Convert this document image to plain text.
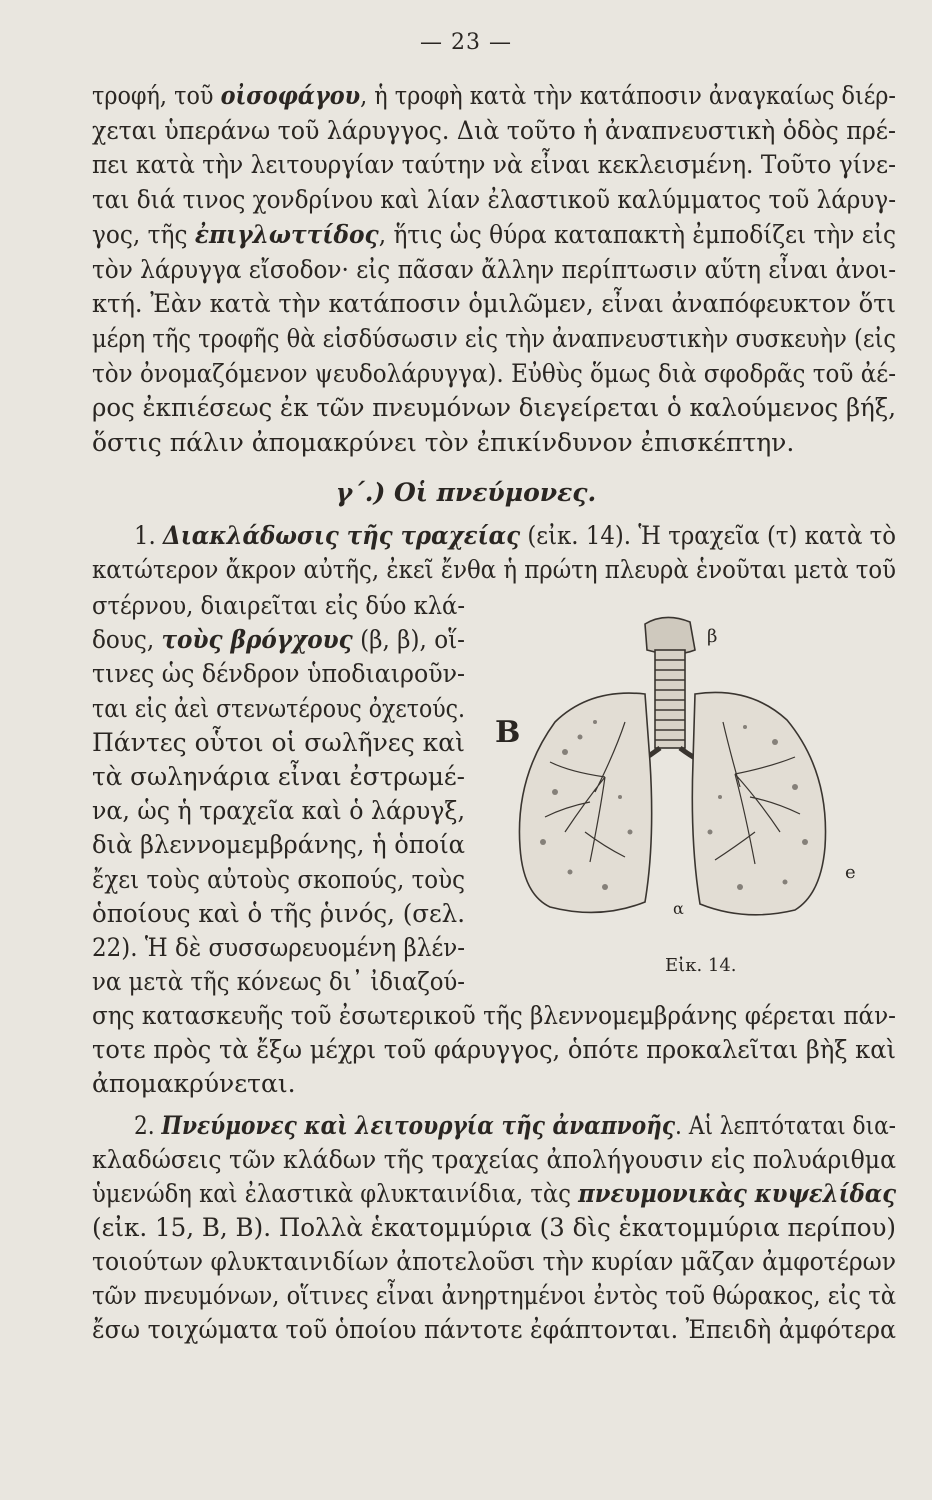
— 23 —
τροφή, τοῦ οἰσοφάγου, ἡ τροφὴ κατὰ τὴν κατάποσιν ἀναγκαίως διέρ-
χεται ὑπεράνω τοῦ λάρυγγος. Διὰ τοῦτο ἡ ἀναπνευστικὴ ὁδὸς πρέ-
πει κατὰ τὴν λειτουργίαν ταύτην νὰ εἶναι κεκλεισμένη. Τοῦτο γίνε-
ται διά τινος χονδρίνου καὶ λίαν ἐλαστικοῦ καλύμματος τοῦ λάρυγ-
γος, τῆς ἐπιγλωττίδος, ἥτις ὡς θύρα καταπακτὴ ἐμποδίζει τὴν εἰς
τὸν λάρυγγα εἴσοδον· εἰς πᾶσαν ἄλλην περίπτωσιν αὕτη εἶναι ἀνοι-
κτή. Ἐὰν κατὰ τὴν κατάποσιν ὁμιλῶμεν, εἶναι ἀναπόφευκτον ὅτι
μέρη τῆς τροφῆς θὰ εἰσδύσωσιν εἰς τὴν ἀναπνευστικὴν συσκευὴν (εἰς
τὸν ὀνομαζόμενον ψευδολάρυγγα). Εὐθὺς ὅμως διὰ σφοδρᾶς τοῦ ἀέ-
ρος ἐκπιέσεως ἐκ τῶν πνευμόνων διεγείρεται ὁ καλούμενος βήξ,
ὅστις πάλιν ἀπομακρύνει τὸν ἐπικίνδυνον ἐπισκέπτην.
1. Διακλάδωσις τῆς τραχείας (εἰκ. 14). Ἡ τραχεῖα (τ) κατὰ τὸ
κατώτερον ἄκρον αὐτῆς, ἐκεῖ ἔνθα ἡ πρώτη πλευρὰ ἑνοῦται μετὰ τοῦ
στέρνου, διαιρεῖται εἰς δύο κλά-
δους, τοὺς βρόγχους (β, β), οἵ-
τινες ὡς δένδρον ὑποδιαιροῦν-
ται εἰς ἀεὶ στενωτέρους ὀχετούς.
Πάντες οὗτοι οἱ σωλῆνες καὶ
τὰ σωληνάρια εἶναι ἐστρωμέ-
να, ὡς ἡ τραχεῖα καὶ ὁ λάρυγξ,
διὰ βλεννομεμβράνης, ἡ ὁποία
ἔχει τοὺς αὐτοὺς σκοπούς, τοὺς
ὁποίους καὶ ὁ τῆς ῥινός, (σελ.
22). Ἡ δὲ συσσωρευομένη βλέν-
να μετὰ τῆς κόνεως δι᾽ ἰδιαζού-
σης κατασκευῆς τοῦ ἐσωτερικοῦ τῆς βλεννομεμβράνης φέρεται πάν-
τοτε πρὸς τὰ ἔξω μέχρι τοῦ φάρυγγος, ὁπότε προκαλεῖται βὴξ καὶ
ἀπομακρύνεται.
2. Πνεύμονες καὶ λειτουργία τῆς ἀναπνοῆς. Αἱ λεπτόταται δια-
κλαδώσεις τῶν κλάδων τῆς τραχείας ἀπολήγουσιν εἰς πολυάριθμα
ὑμενώδη καὶ ἐλαστικὰ φλυκταινίδια, τὰς πνευμονικὰς κυψελίδας
(εἰκ. 15, Β, Β). Πολλὰ ἑκατομμύρια (3 δὶς ἑκατομμύρια περίπου)
τοιούτων φλυκταινιδίων ἀποτελοῦσι τὴν κυρίαν μᾶζαν ἀμφοτέρων
τῶν πνευμόνων, οἵτινες εἶναι ἀνηρτημένοι ἐντὸς τοῦ θώρακος, εἰς τὰ
ἔσω τοιχώματα τοῦ ὁποίου πάντοτε ἐφάπτονται. Ἐπειδὴ ἀμφότερα
γ΄.) Οἱ πνεύμονες.
B
β
α
e
Εἰκ. 14.
